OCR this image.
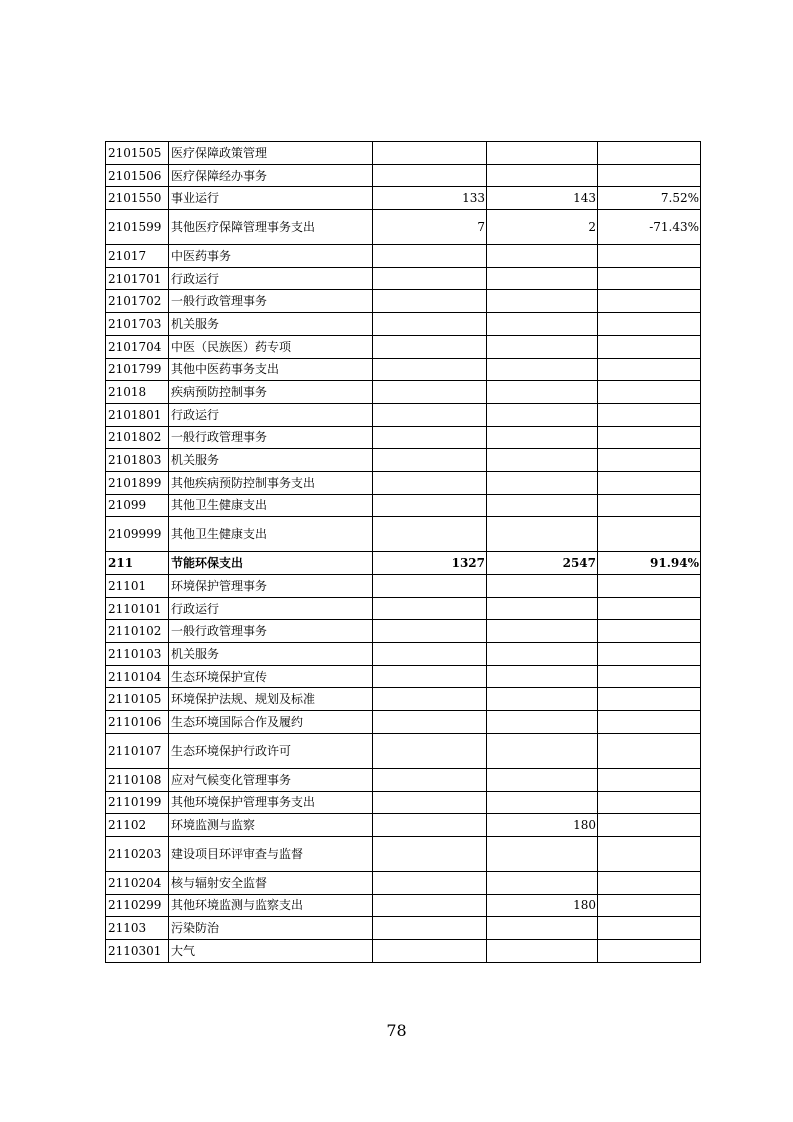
2101505	医疗保障政策管理			
2101506	医疗保障经办事务			
2101550	事业运行	133	143	7.52%
2101599	其他医疗保障管理事务支出	7	2	-71.43%
21017	中医药事务			
2101701	行政运行			
2101702	一般行政管理事务			
2101703	机关服务			
2101704	中医（民族医）药专项			
2101799	其他中医药事务支出			
21018	疾病预防控制事务			
2101801	行政运行			
2101802	一般行政管理事务			
2101803	机关服务			
2101899	其他疾病预防控制事务支出			
21099	其他卫生健康支出			
2109999	其他卫生健康支出			
211	节能环保支出	1327	2547	91.94%
21101	环境保护管理事务			
2110101	行政运行			
2110102	一般行政管理事务			
2110103	机关服务			
2110104	生态环境保护宣传			
2110105	环境保护法规、规划及标准			
2110106	生态环境国际合作及履约			
2110107	生态环境保护行政许可			
2110108	应对气候变化管理事务			
2110199	其他环境保护管理事务支出			
21102	环境监测与监察		180	
2110203	建设项目环评审查与监督			
2110204	核与辐射安全监督			
2110299	其他环境监测与监察支出		180	
21103	污染防治			
2110301	大气			
78
